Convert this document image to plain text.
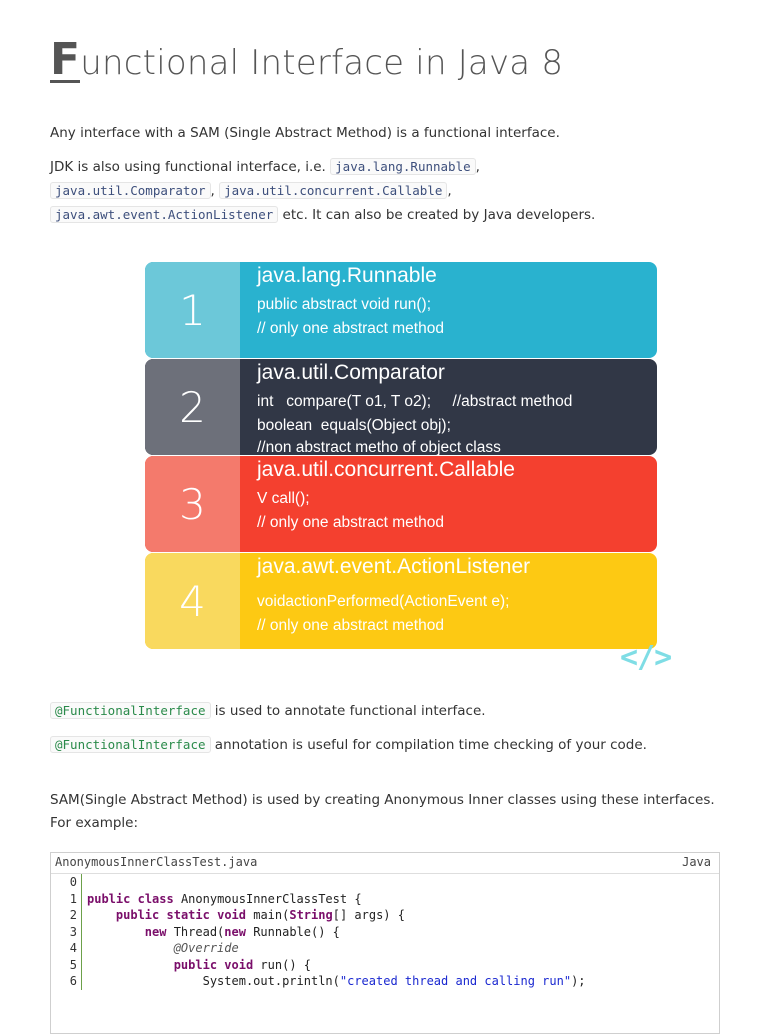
Functional Interface in Java 8

Any interface with a SAM (Single Abstract Method) is a functional interface.

JDK is also using functional interface, i.e. java.lang.Runnable ,
java.util.Comparator , java.util.concurrent.Callable ,
java.awt.event.ActionListener etc. It can also be created by Java developers.

1
java.lang.Runnable
public abstract void run();
// only one abstract method
2
java.util.Comparator
int   compare(T o1, T o2);     //abstract method
boolean  equals(Object obj);
//non abstract metho of object class
3
java.util.concurrent.Callable
V call();
// only one abstract method
4
java.awt.event.ActionListener
voidactionPerformed(ActionEvent e);
// only one abstract method
</>

@FunctionalInterface is used to annotate functional interface.

@FunctionalInterface annotation is useful for compilation time checking of your code.

SAM(Single Abstract Method) is used by creating Anonymous Inner classes using these interfaces. For example:

AnonymousInnerClassTest.java	Java
0
1
2
3
4
5
6
public class AnonymousInnerClassTest {
public static void main(String[] args) {
new Thread(new Runnable() {
@Override
public void run() {
System.out.println("created thread and calling run");
